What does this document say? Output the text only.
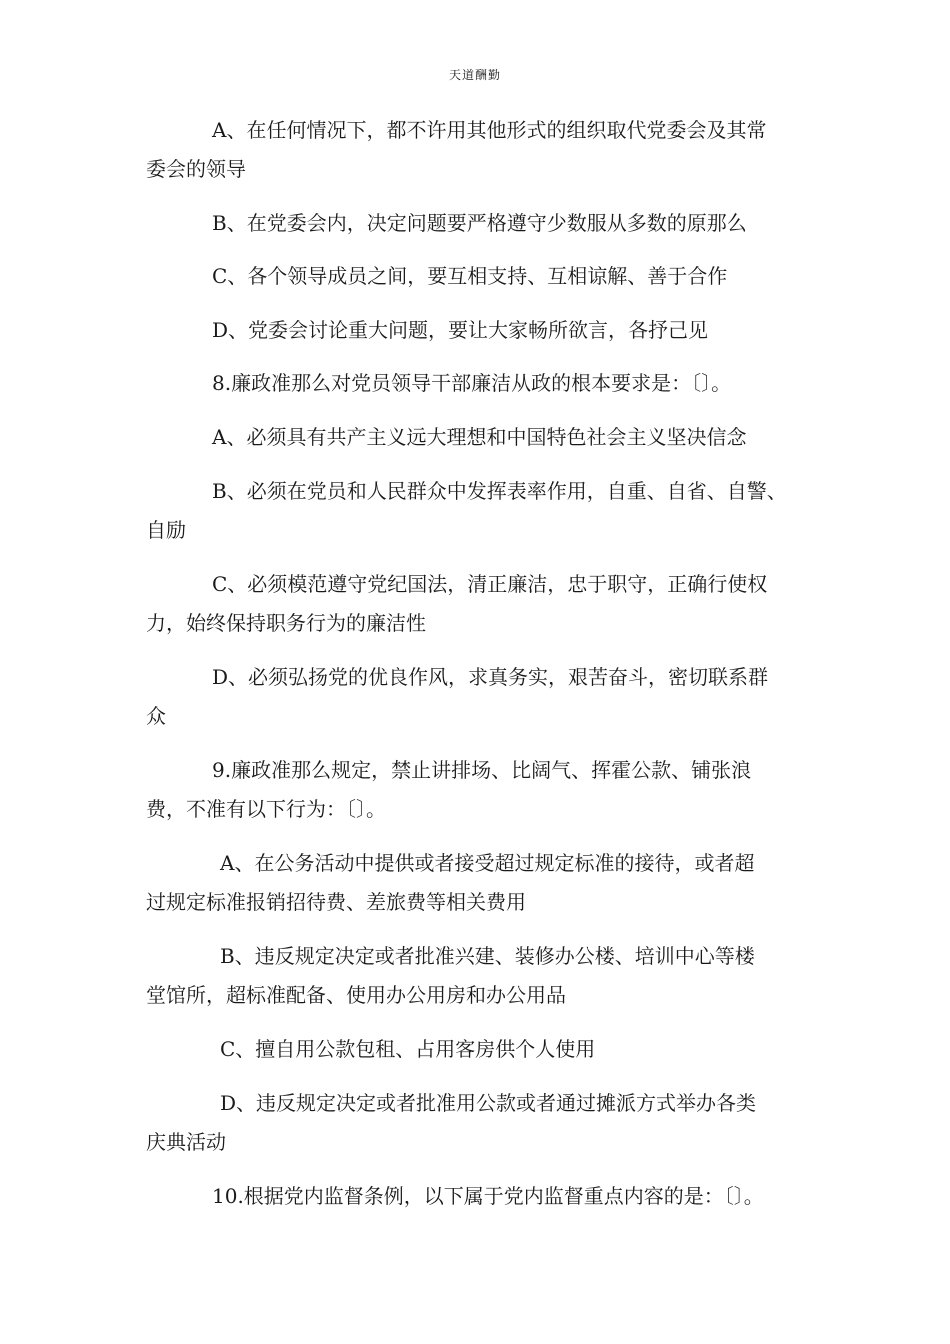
天道酬勤
A、在任何情况下，都不许用其他形式的组织取代党委会及其常
委会的领导
B、在党委会内，决定问题要严格遵守少数服从多数的原那么
C、各个领导成员之间，要互相支持、互相谅解、善于合作
D、党委会讨论重大问题，要让大家畅所欲言，各抒己见
8.廉政准那么对党员领导干部廉洁从政的根本要求是：〔〕。
A、必须具有共产主义远大理想和中国特色社会主义坚决信念
B、必须在党员和人民群众中发挥表率作用，自重、自省、自警、
自励
C、必须模范遵守党纪国法，清正廉洁，忠于职守，正确行使权
力，始终保持职务行为的廉洁性
D、必须弘扬党的优良作风，求真务实，艰苦奋斗，密切联系群
众
9.廉政准那么规定，禁止讲排场、比阔气、挥霍公款、铺张浪
费，不准有以下行为：〔〕。
A、在公务活动中提供或者接受超过规定标准的接待，或者超
过规定标准报销招待费、差旅费等相关费用
B、违反规定决定或者批准兴建、装修办公楼、培训中心等楼
堂馆所，超标准配备、使用办公用房和办公用品
C、擅自用公款包租、占用客房供个人使用
D、违反规定决定或者批准用公款或者通过摊派方式举办各类
庆典活动
10.根据党内监督条例，以下属于党内监督重点内容的是：〔〕。
